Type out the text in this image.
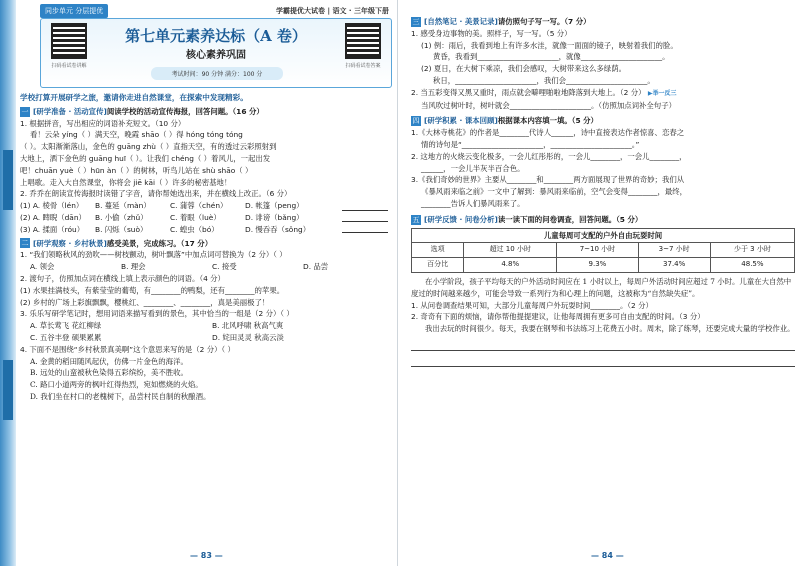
同步单元 分层提优	学霸提优大试卷 | 语文 · 三年级下册
扫码看试卷讲解	扫码看试卷答案
第七单元素养达标（A 卷）
核心素养巩固
考试时间：90 分钟 满分：100 分
学校打算开展研学之旅，邀请你走进自然课堂，在探索中发现精彩。
一 [研学准备 · 活动宣传] 阅读学校的活动宣传海报，回答问题。（16 分）
1. 根据拼音，写出相应的词语补充短文。（10 分）
看！云朵 yíng（ ）满天空，晚霞 shāo（ ）得 hóng tóng tóng
（ ）。太阳渐渐落山，金色的 guāng zhù（ ）直指天空，有的透过云彩照射到
大地上，洒下金色的 guāng huī（ ）。让我们 chéng（ ）着风儿，一起出发
吧！chuān yuè（ ）hūn àn（ ）的树林，听鸟儿站在 shù shāo（ ）
上唱歌。走入大自然课堂，你将会 jiē kāi（ ）许多的秘密基地！
2. 乔乔在朗读宣传海报时读错了字音，请你帮她选出来，并在横线上改正。（6 分）
(1) A. 棱骨（lén）	B. 蔓延（màn）	C. 蒲蓉（chén）	D. 帐篷（peng）
(2) A. 睥睨（dān）	B. 小偷（zhǔ）	C. 着眼（luè）	D. 诽谤（bǎng）
(3) A. 揉面（róu）	B. 闪烁（suò）	C. 蝗虫（bó）	D. 慢吞吞（sǒng）
二 [研学观察 · 乡村秋景] 感受美景，完成练习。（17 分）
1. “我们领略秋风的劲吹——树枝颤动，树叶飘落”中加点词可替换为（2 分）（ ）
A. 领会	B. 理会	C. 接受	D. 品尝
2. 渡句子，仿照加点词在横线上填上表示颜色的词语。（4 分）
(1) 水果挂满枝头，有紫莹莹的葡萄，有________的鸭梨，还有________的苹果。
(2) 乡村的广场上彩旗飘飘，樱桃红、________、________，真是美丽极了！
3. 乐乐写研学笔记时，想用词语来描写看到的景色，其中恰当的一组是（2 分）（ ）
A. 草长莺飞 花红柳绿	B. 北风呼啸 秋高气爽
C. 五谷丰登 硕果累累	D. 姹田灵灵 秋高云淡
4. 下面不是围绕“乡村秋景真美啊”这个意思来写的是（2 分）（ ）
A. 金黄的稻田随风起伏，仿佛一片金色的海洋。
B. 远处的山蛮被秋色染得五彩缤纷，美不胜收。
C. 路口小道两旁的枫叶红得热烈，宛如燃烧的火焰。
D. 我们坐在村口的老槐树下，品尝村民自制的秋酿酒。
— 83 —
三 [自然笔记 · 美景记录] 请仿照句子写一写。（7 分）
1. 感受身边事物的美。照样子，写一写。（5 分）
(1) 例：雨后，我看到地上有许多水洼，就像一面面的镜子，映射着我们的脸。
黄昏，我看到______________________，就像______________________。
(2) 夏日，在大树下乘凉，我们会感叹，大树带来这么多绿荫。
秋日，______________________，我们会______________________。
2. 当五彩变得又黑又重时，雨点就会噼哩啪啦地降落到大地上。（2 分） ▶举一反三
当风吹过树叶时，树叶就会______________________。（仿照加点词补全句子）
四 [研学积累 · 课本回顾] 根据课本内容填一填。（5 分）
1.《大林寺桃花》的作者是________代诗人______，诗中直接表达作者惊喜、恋春之
情的诗句是“______________________，______________________。”
2. 这地方的火烧云变化极多，一会儿红彤彤的，一会儿________，一会儿________，
______，一会儿半灰半百合色。
3.《我们奇妙的世界》主要从________和________两方面展现了世界的奇妙；我们从
《暴风雨来临之前》一文中了解到：暴风雨来临前，空气会变得________，最终，
________告诉人们暴风雨来了。
五 [研学反馈 · 问卷分析] 读一读下面的问卷调查，回答问题。（5 分）
儿童每周可支配的户外自由玩耍时间				
选项	超过 10 小时	7~10 小时	3~7 小时	少于 3 小时
百分比	4.8%	9.3%	37.4%	48.5%
在小学阶段，孩子平均每天的户外活动时间应在 1 小时以上，每周户外活动时间应超过 7 小时。儿童在大自然中度过的时间越来越少，可能会导致一系列行为和心理上的问题，这被称为“自然缺失症”。
1. 从问卷调查结果可知，大部分儿童每周户外玩耍时间________。（2 分）
2. 奇奇有下面的烦恼，请你帮他提提建议，让他每周拥有更多可自由支配的时间。（3 分）
我出去玩的时间很少。每天，我要在钢琴和书法练习上花费五小时。周末，除了练琴，还要完成大量的学校作业。
— 84 —
